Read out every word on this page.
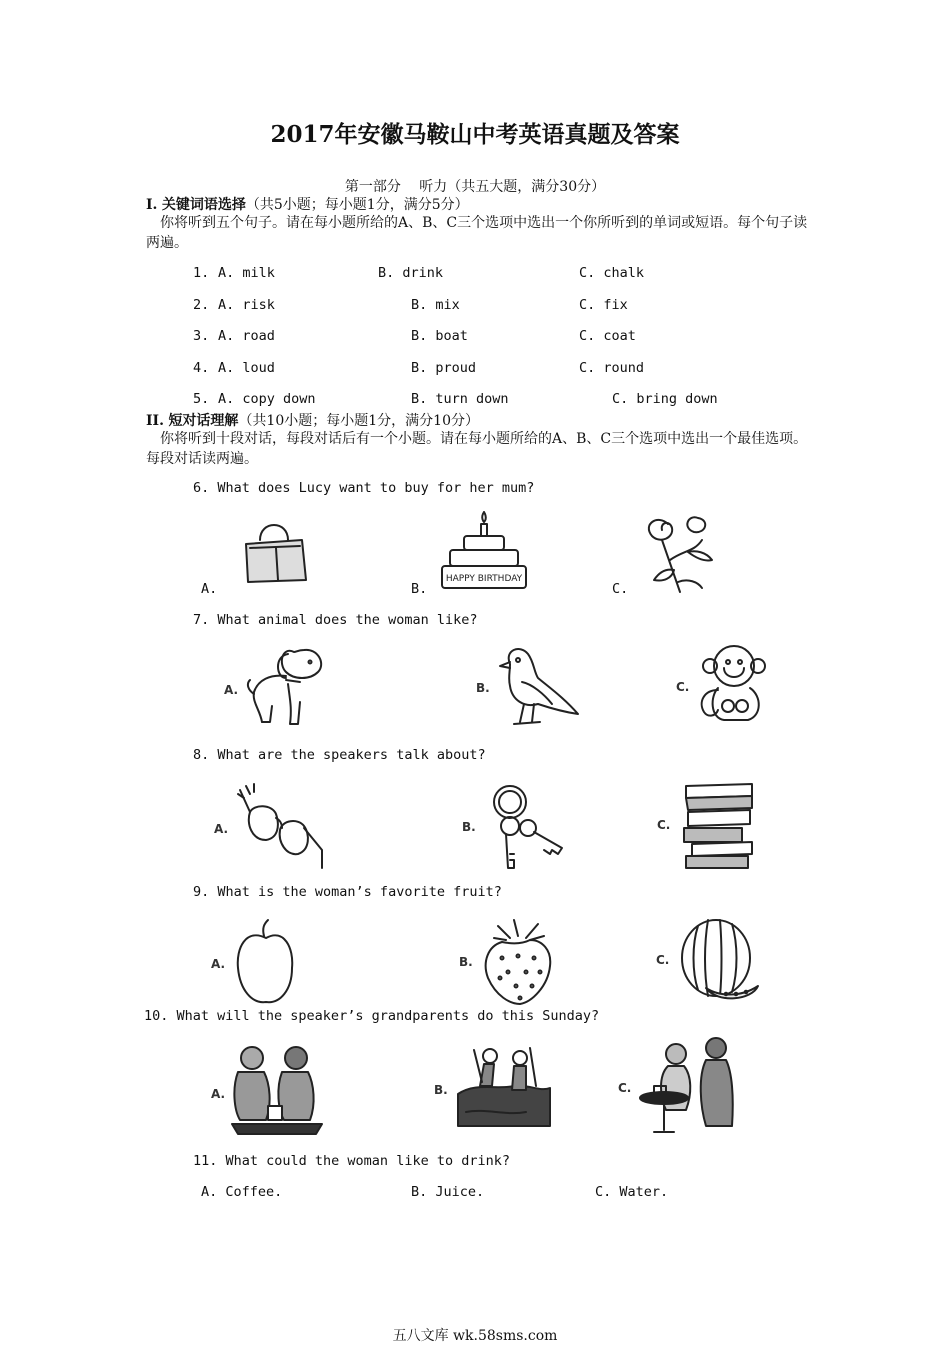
2017年安徽马鞍山中考英语真题及答案
第一部分　 听力（共五大题，满分30分）
I. 关键词语选择（共5小题；每小题1分，满分5分）
你将听到五个句子。请在每小题所给的A、B、C三个选项中选出一个你所听到的单词或短语。每个句子读两遍。
1. A. milk	B. drink	C. chalk
2. A. risk	B. mix	C. fix
3. A. road	B. boat	C. coat
4. A. loud	B. proud	C. round
5. A. copy down	B. turn down	C. bring down
II. 短对话理解（共10小题；每小题1分，满分10分）
你将听到十段对话，每段对话后有一个小题。请在每小题所给的A、B、C三个选项中选出一个最佳选项。每段对话读两遍。
6. What does Lucy want to buy for her mum?
A.	B.	C.
HAPPY BIRTHDAY
7. What animal does the woman like?
A.	B.	C.
8. What are the speakers talk about?
A.	B.	C.
9. What is the woman’s favorite fruit?
A.	B.	C.
10. What will the speaker’s grandparents do this Sunday?
A.	B.	C.
11. What could the woman like to drink?
A. Coffee.	B. Juice.	C. Water.
五八文库 wk.58sms.com
